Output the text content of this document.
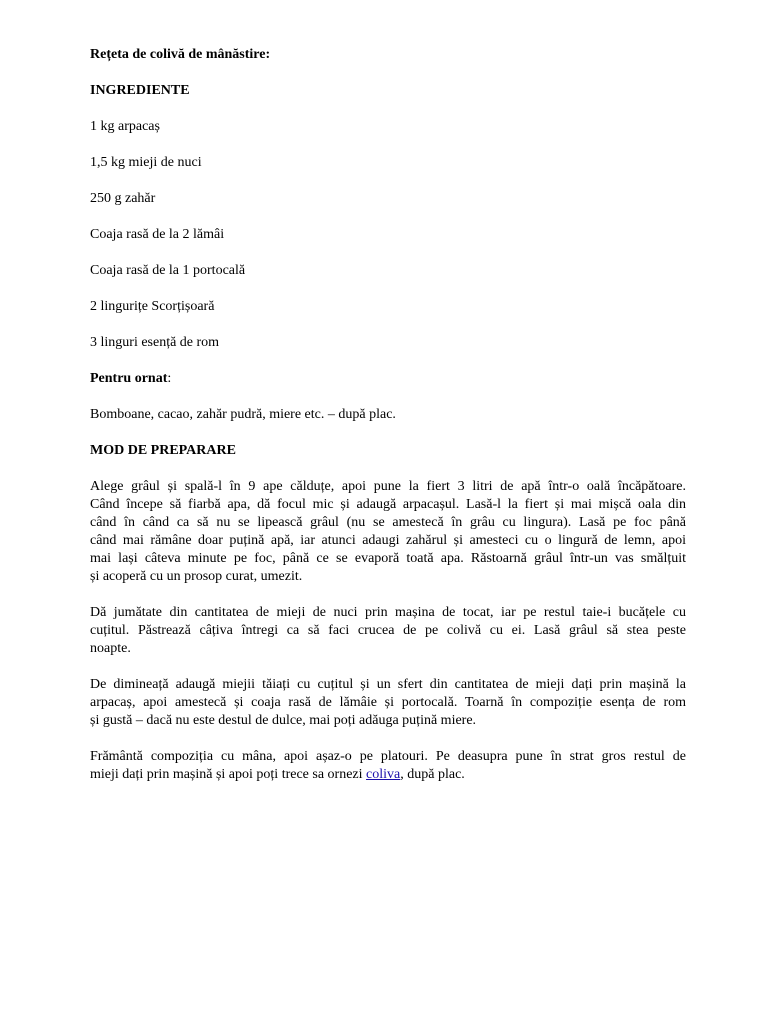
Rețeta de colivă de mânăstire:
INGREDIENTE
1 kg arpacaș
1,5 kg mieji de nuci
250 g zahăr
Coaja rasă de la 2 lămâi
Coaja rasă de la 1 portocală
2 lingurițe Scorțișoară
3 linguri esență de rom
Pentru ornat:
Bomboane, cacao, zahăr pudră, miere etc. – după plac.
MOD DE PREPARARE
Alege grâul și spală-l în 9 ape călduțe, apoi pune la fiert 3 litri de apă într-o oală încăpătoare.
Când începe să fiarbă apa, dă focul mic și adaugă arpacașul. Lasă-l la fiert și mai mișcă oala din
când în când ca să nu se lipească grâul (nu se amestecă în grâu cu lingura). Lasă pe foc până
când mai rămâne doar puțină apă, iar atunci adaugi zahărul și amesteci cu o lingură de lemn, apoi
mai lași câteva minute pe foc, până ce se evaporă toată apa. Răstoarnă grâul într-un vas smălțuit
și acoperă cu un prosop curat, umezit.
Dă jumătate din cantitatea de mieji de nuci prin mașina de tocat, iar pe restul taie-i bucățele cu
cuțitul. Păstrează câțiva întregi ca să faci crucea de pe colivă cu ei. Lasă grâul să stea peste
noapte.
De dimineață adaugă miejii tăiați cu cuțitul și un sfert din cantitatea de mieji dați prin mașină la
arpacaș, apoi amestecă și coaja rasă de lămâie și portocală. Toarnă în compoziție esența de rom
și gustă – dacă nu este destul de dulce, mai poți adăuga puțină miere.
Frământă compoziția cu mâna, apoi așaz-o pe platouri. Pe deasupra pune în strat gros restul de
mieji dați prin mașină și apoi poți trece sa ornezi coliva, după plac.
